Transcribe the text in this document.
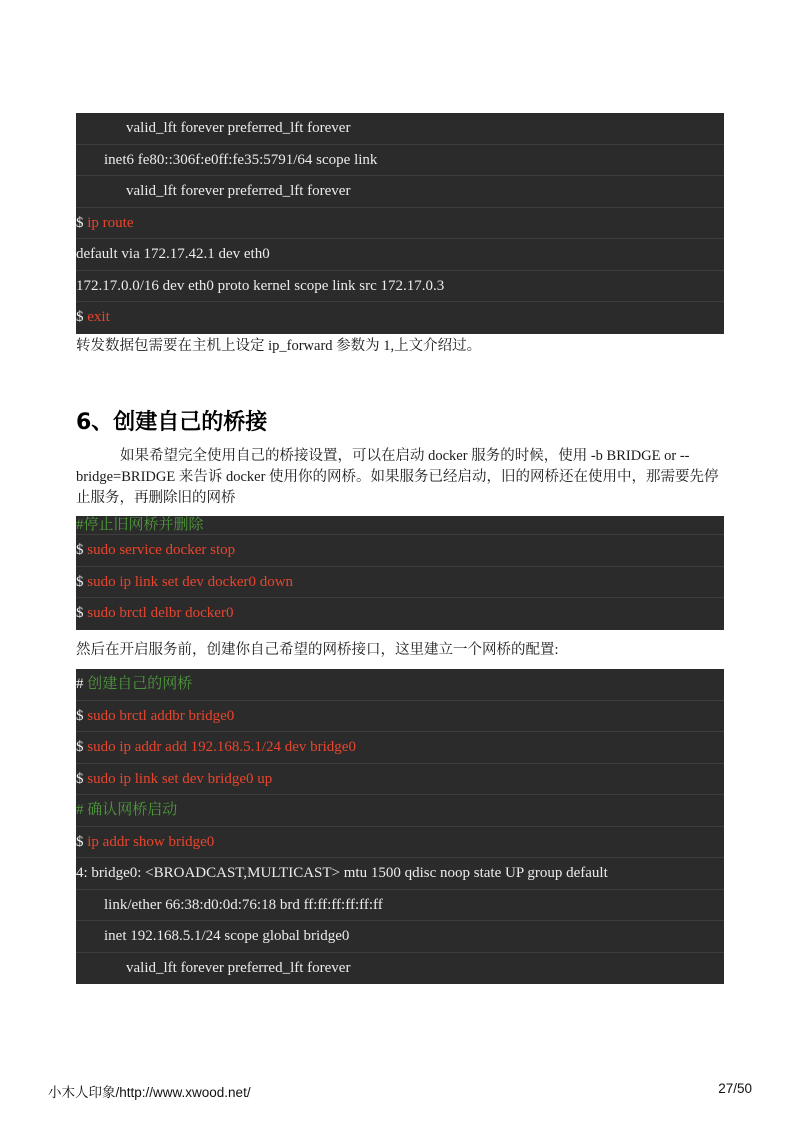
valid_lft forever preferred_lft forever
inet6 fe80::306f:e0ff:fe35:5791/64 scope link
valid_lft forever preferred_lft forever
$ ip route
default via 172.17.42.1 dev eth0
172.17.0.0/16 dev eth0 proto kernel scope link src 172.17.0.3
$ exit
转发数据包需要在主机上设定 ip_forward 参数为 1,上文介绍过。
6、创建自己的桥接
如果希望完全使用自己的桥接设置，可以在启动 docker 服务的时候，使用 -b BRIDGE or --bridge=BRIDGE 来告诉 docker 使用你的网桥。如果服务已经启动，旧的网桥还在使用中，那需要先停止服务，再删除旧的网桥
#停止旧网桥并删除
$ sudo service docker stop
$ sudo ip link set dev docker0 down
$ sudo brctl delbr docker0
然后在开启服务前，创建你自己希望的网桥接口，这里建立一个网桥的配置:
# 创建自己的网桥
$ sudo brctl addbr bridge0
$ sudo ip addr add 192.168.5.1/24 dev bridge0
$ sudo ip link set dev bridge0 up
# 确认网桥启动
$ ip addr show bridge0
4: bridge0: <BROADCAST,MULTICAST> mtu 1500 qdisc noop state UP group default
link/ether 66:38:d0:0d:76:18 brd ff:ff:ff:ff:ff:ff
inet 192.168.5.1/24 scope global bridge0
valid_lft forever preferred_lft forever
小木人印象/http://www.xwood.net/	27/50
